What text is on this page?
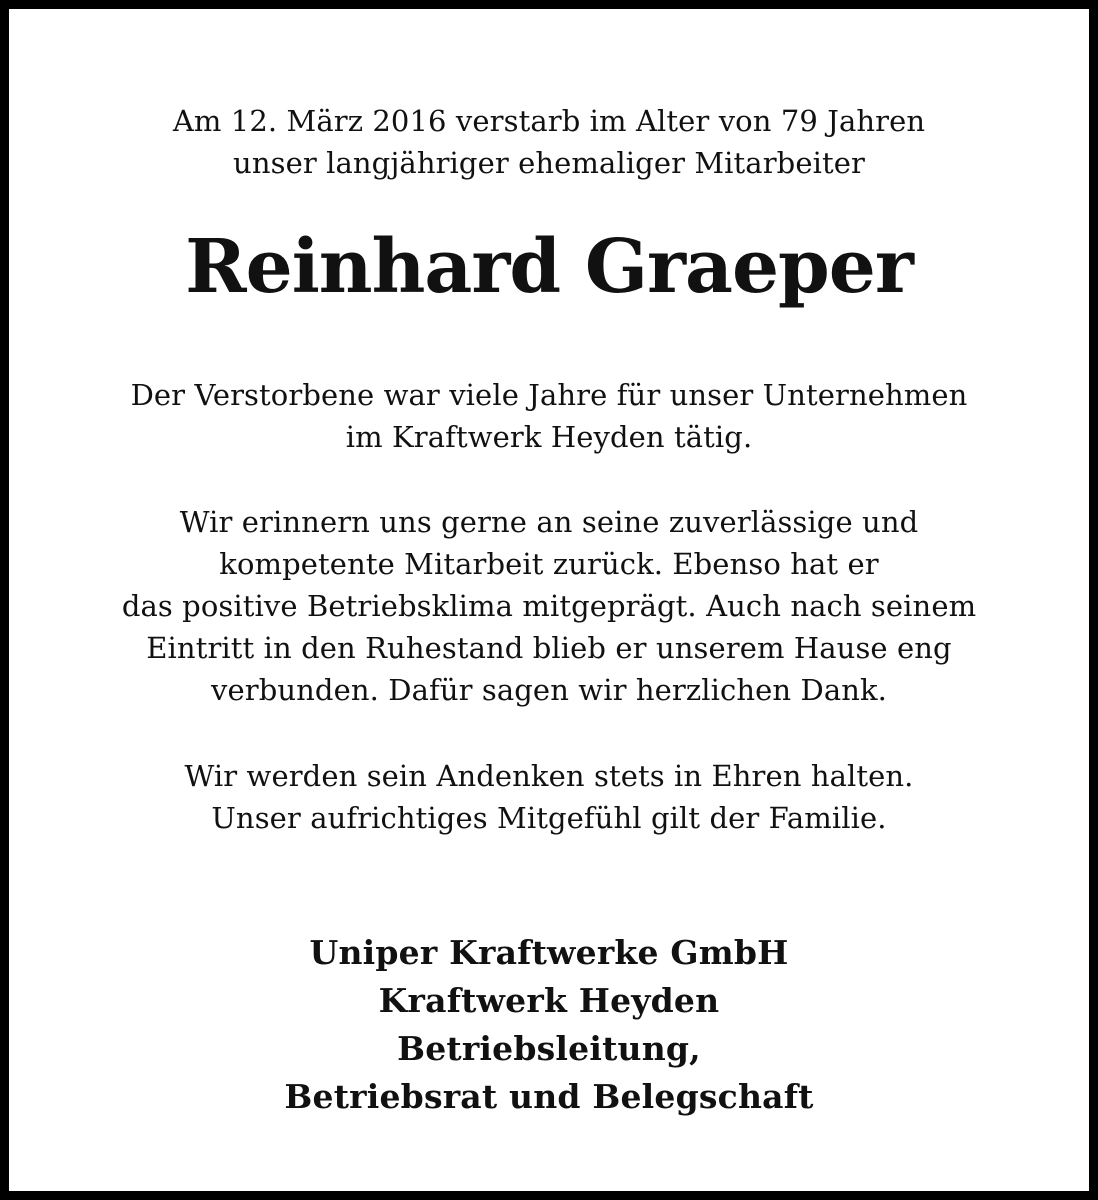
Am 12. März 2016 verstarb im Alter von 79 Jahren
unser langjähriger ehemaliger Mitarbeiter
Reinhard Graeper
Der Verstorbene war viele Jahre für unser Unternehmen
im Kraftwerk Heyden tätig.
Wir erinnern uns gerne an seine zuverlässige und
kompetente Mitarbeit zurück. Ebenso hat er
das positive Betriebsklima mitgeprägt. Auch nach seinem
Eintritt in den Ruhestand blieb er unserem Hause eng
verbunden. Dafür sagen wir herzlichen Dank.
Wir werden sein Andenken stets in Ehren halten.
Unser aufrichtiges Mitgefühl gilt der Familie.
Uniper Kraftwerke GmbH
Kraftwerk Heyden
Betriebsleitung,
Betriebsrat und Belegschaft
